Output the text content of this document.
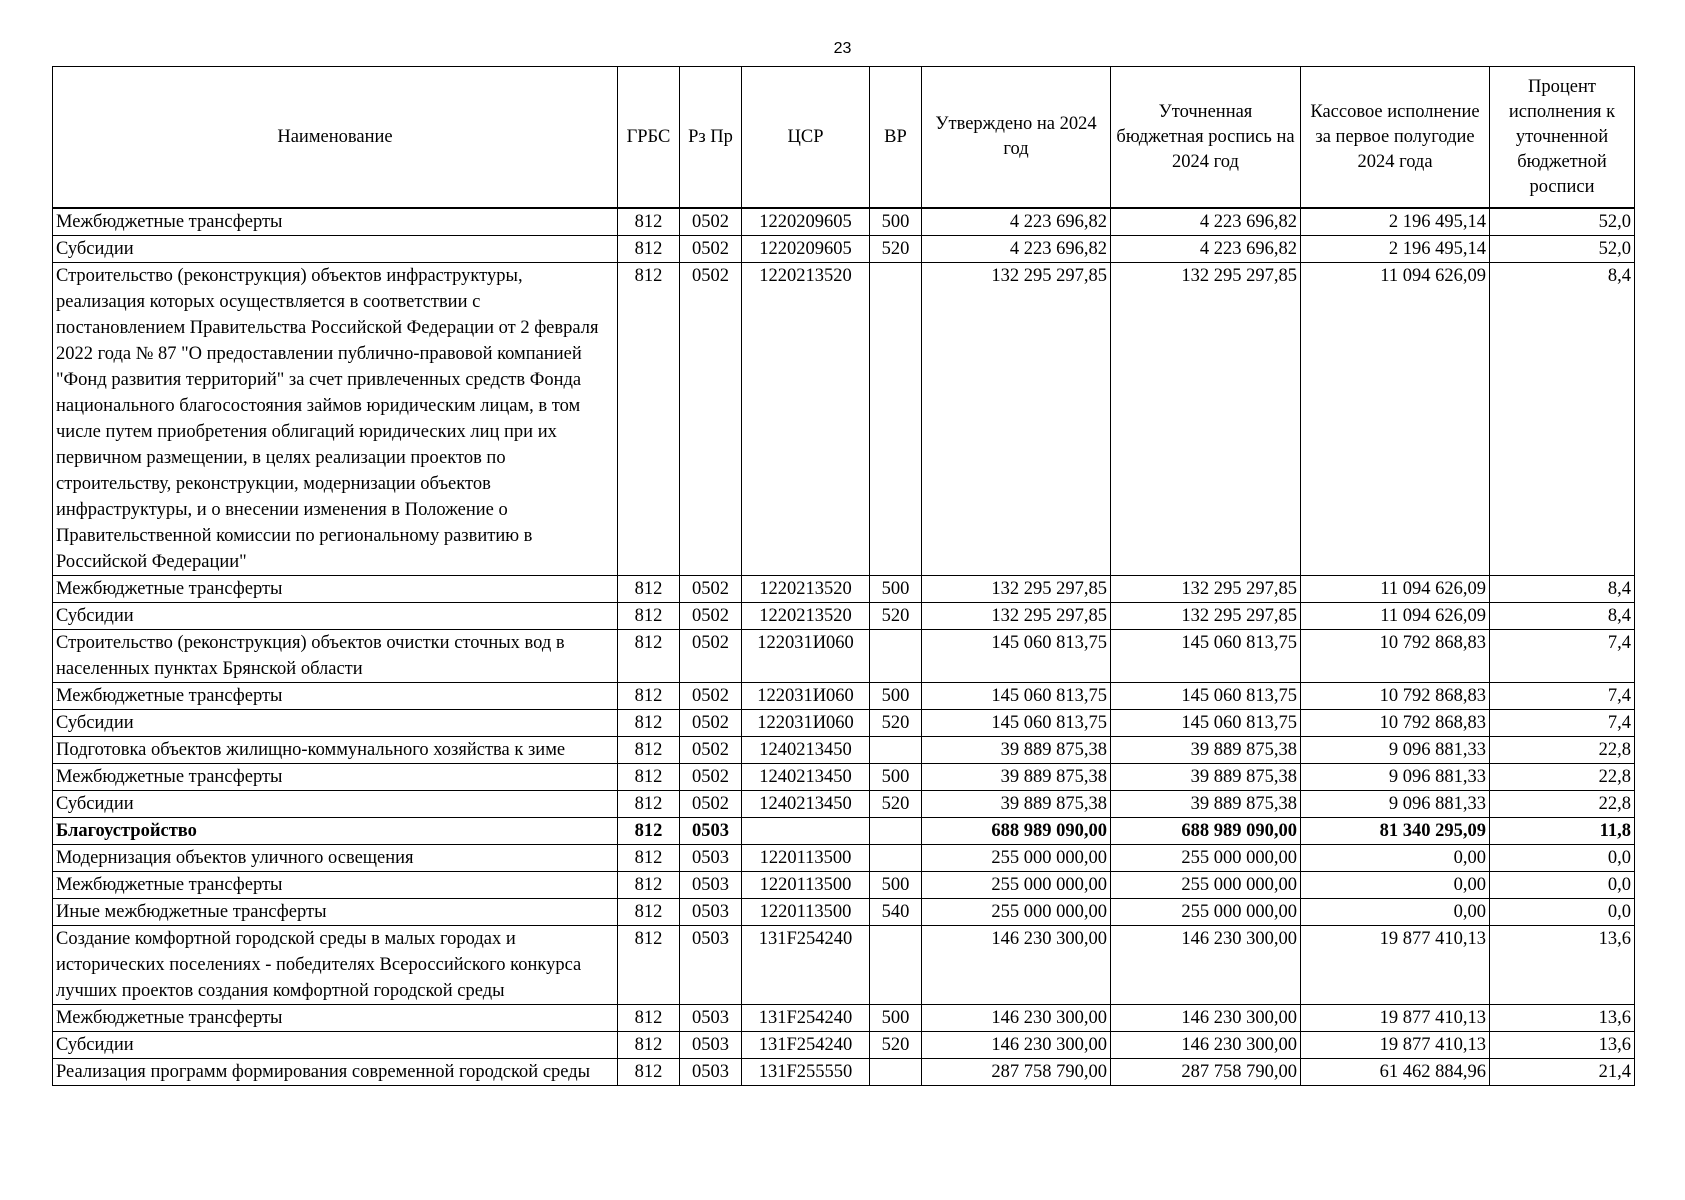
23
Наименование	ГРБС	Рз Пр	ЦСР	ВР	Утверждено на 2024 год	Уточненная бюджетная роспись на 2024 год	Кассовое исполнение за первое полугодие 2024 года	Процент исполнения к уточненной бюджетной росписи
Межбюджетные трансферты	812	0502	1220209605	500	4 223 696,82	4 223 696,82	2 196 495,14	52,0
Субсидии	812	0502	1220209605	520	4 223 696,82	4 223 696,82	2 196 495,14	52,0
Строительство (реконструкция) объектов инфраструктуры, реализация которых осуществляется в соответствии с постановлением Правительства Российской Федерации от 2 февраля 2022 года № 87 "О предоставлении публично-правовой компанией "Фонд развития территорий" за счет привлеченных средств Фонда национального благосостояния займов юридическим лицам, в том числе путем приобретения облигаций юридических лиц при их первичном размещении, в целях реализации проектов по строительству, реконструкции, модернизации объектов инфраструктуры, и о внесении изменения в Положение о Правительственной комиссии по региональному развитию в Российской Федерации"	812	0502	1220213520		132 295 297,85	132 295 297,85	11 094 626,09	8,4
Межбюджетные трансферты	812	0502	1220213520	500	132 295 297,85	132 295 297,85	11 094 626,09	8,4
Субсидии	812	0502	1220213520	520	132 295 297,85	132 295 297,85	11 094 626,09	8,4
Строительство (реконструкция) объектов очистки сточных вод в населенных пунктах Брянской области	812	0502	122031И060		145 060 813,75	145 060 813,75	10 792 868,83	7,4
Межбюджетные трансферты	812	0502	122031И060	500	145 060 813,75	145 060 813,75	10 792 868,83	7,4
Субсидии	812	0502	122031И060	520	145 060 813,75	145 060 813,75	10 792 868,83	7,4
Подготовка объектов жилищно-коммунального хозяйства к зиме	812	0502	1240213450		39 889 875,38	39 889 875,38	9 096 881,33	22,8
Межбюджетные трансферты	812	0502	1240213450	500	39 889 875,38	39 889 875,38	9 096 881,33	22,8
Субсидии	812	0502	1240213450	520	39 889 875,38	39 889 875,38	9 096 881,33	22,8
Благоустройство	812	0503			688 989 090,00	688 989 090,00	81 340 295,09	11,8
Модернизация объектов уличного освещения	812	0503	1220113500		255 000 000,00	255 000 000,00	0,00	0,0
Межбюджетные трансферты	812	0503	1220113500	500	255 000 000,00	255 000 000,00	0,00	0,0
Иные межбюджетные трансферты	812	0503	1220113500	540	255 000 000,00	255 000 000,00	0,00	0,0
Создание комфортной городской среды в малых городах и исторических поселениях - победителях Всероссийского конкурса лучших проектов создания комфортной городской среды	812	0503	131F254240		146 230 300,00	146 230 300,00	19 877 410,13	13,6
Межбюджетные трансферты	812	0503	131F254240	500	146 230 300,00	146 230 300,00	19 877 410,13	13,6
Субсидии	812	0503	131F254240	520	146 230 300,00	146 230 300,00	19 877 410,13	13,6
Реализация программ формирования современной городской среды	812	0503	131F255550		287 758 790,00	287 758 790,00	61 462 884,96	21,4
